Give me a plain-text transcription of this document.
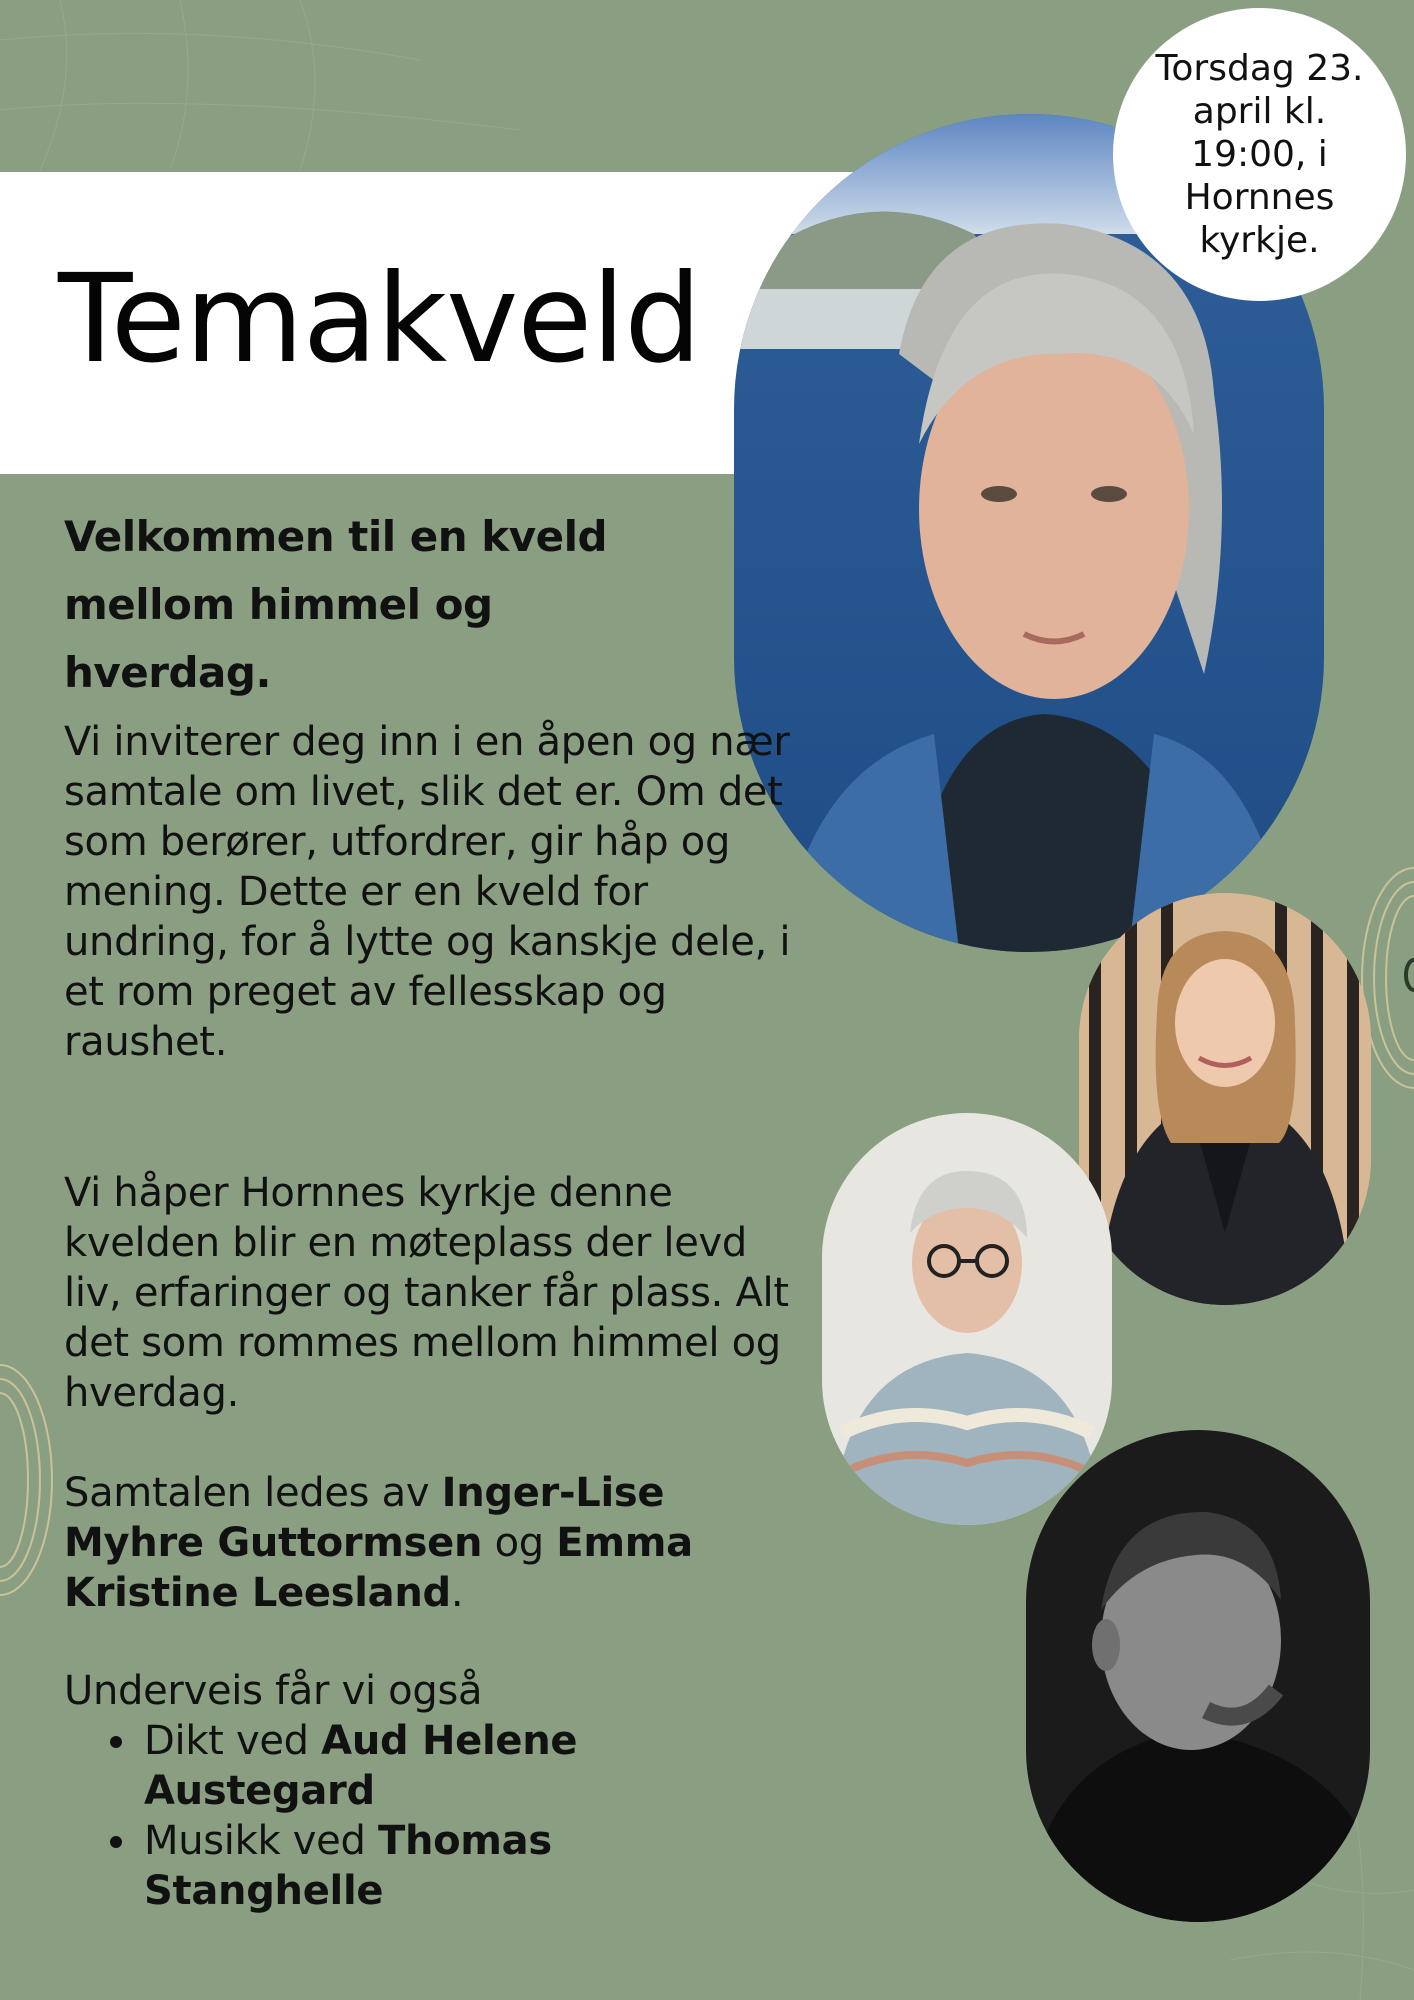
Temakveld
Torsdag 23. april kl. 19:00, i Hornnes kyrkje.
Velkommen til en kveld mellom himmel og hverdag.
Vi inviterer deg inn i en åpen og nær samtale om livet, slik det er. Om det som berører, utfordrer, gir håp og mening. Dette er en kveld for undring, for å lytte og kanskje dele, i et rom preget av fellesskap og raushet.
Vi håper Hornnes kyrkje denne kvelden blir en møteplass der levd liv, erfaringer og tanker får plass. Alt det som rommes mellom himmel og hverdag.
Samtalen ledes av Inger-Lise Myhre Guttormsen og Emma Kristine Leesland.
Underveis får vi også
Dikt ved Aud Helene Austegard
Musikk ved Thomas Stanghelle
